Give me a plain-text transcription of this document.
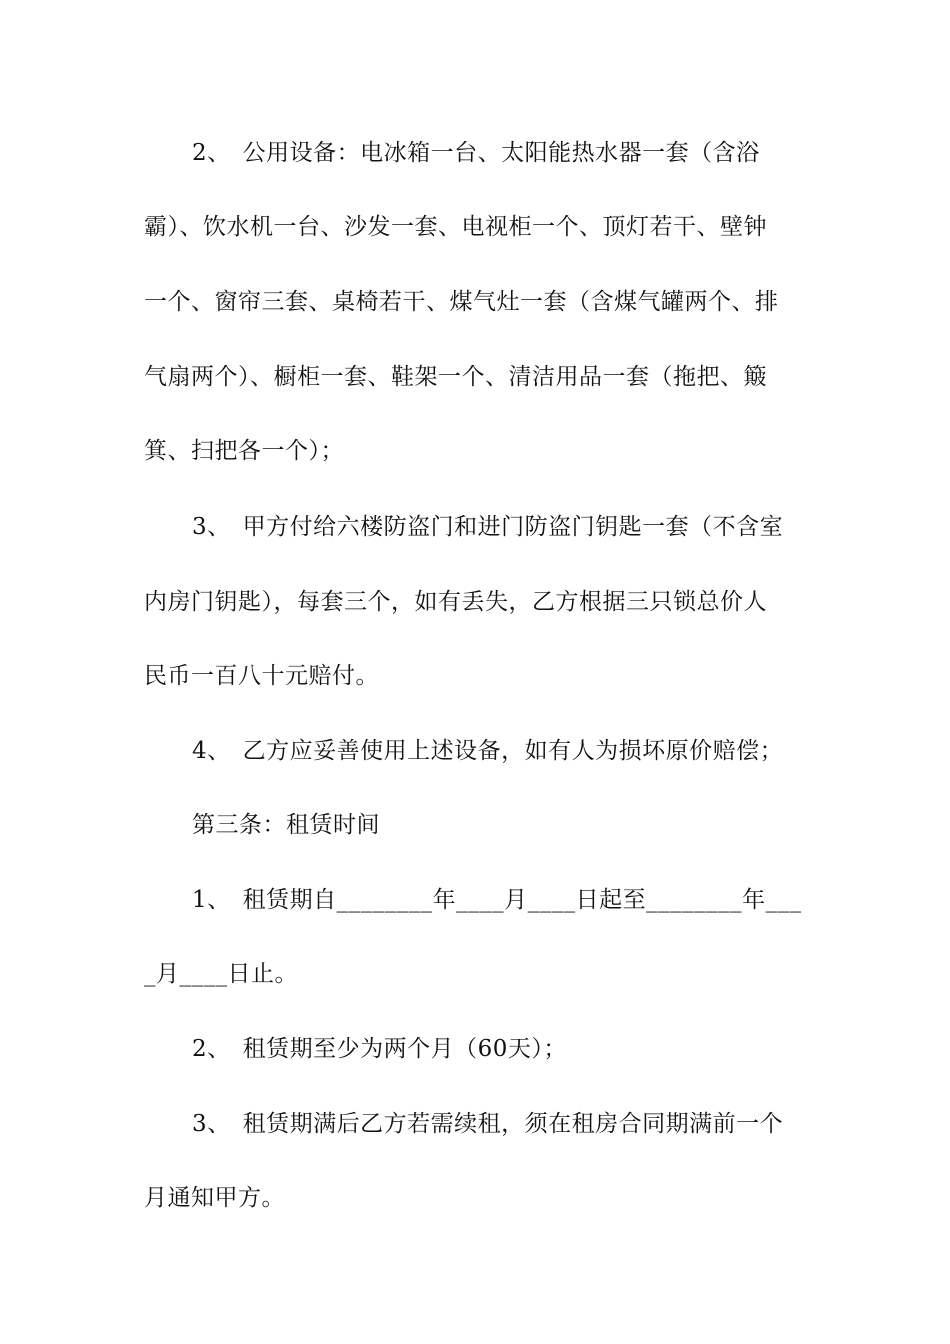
2、　公用设备：电冰箱一台、太阳能热水器一套（含浴
霸）、饮水机一台、沙发一套、电视柜一个、顶灯若干、壁钟
一个、窗帘三套、桌椅若干、煤气灶一套（含煤气罐两个、排
气扇两个）、橱柜一套、鞋架一个、清洁用品一套（拖把、簸
箕、扫把各一个）；
3、　甲方付给六楼防盗门和进门防盗门钥匙一套（不含室
内房门钥匙），每套三个，如有丢失，乙方根据三只锁总价人
民币一百八十元赔付。
4、　乙方应妥善使用上述设备，如有人为损坏原价赔偿；
第三条：租赁时间
1、　租赁期自________年____月____日起至________年___
_月____日止。
2、　租赁期至少为两个月（60天）；
3、　租赁期满后乙方若需续租，须在租房合同期满前一个
月通知甲方。
